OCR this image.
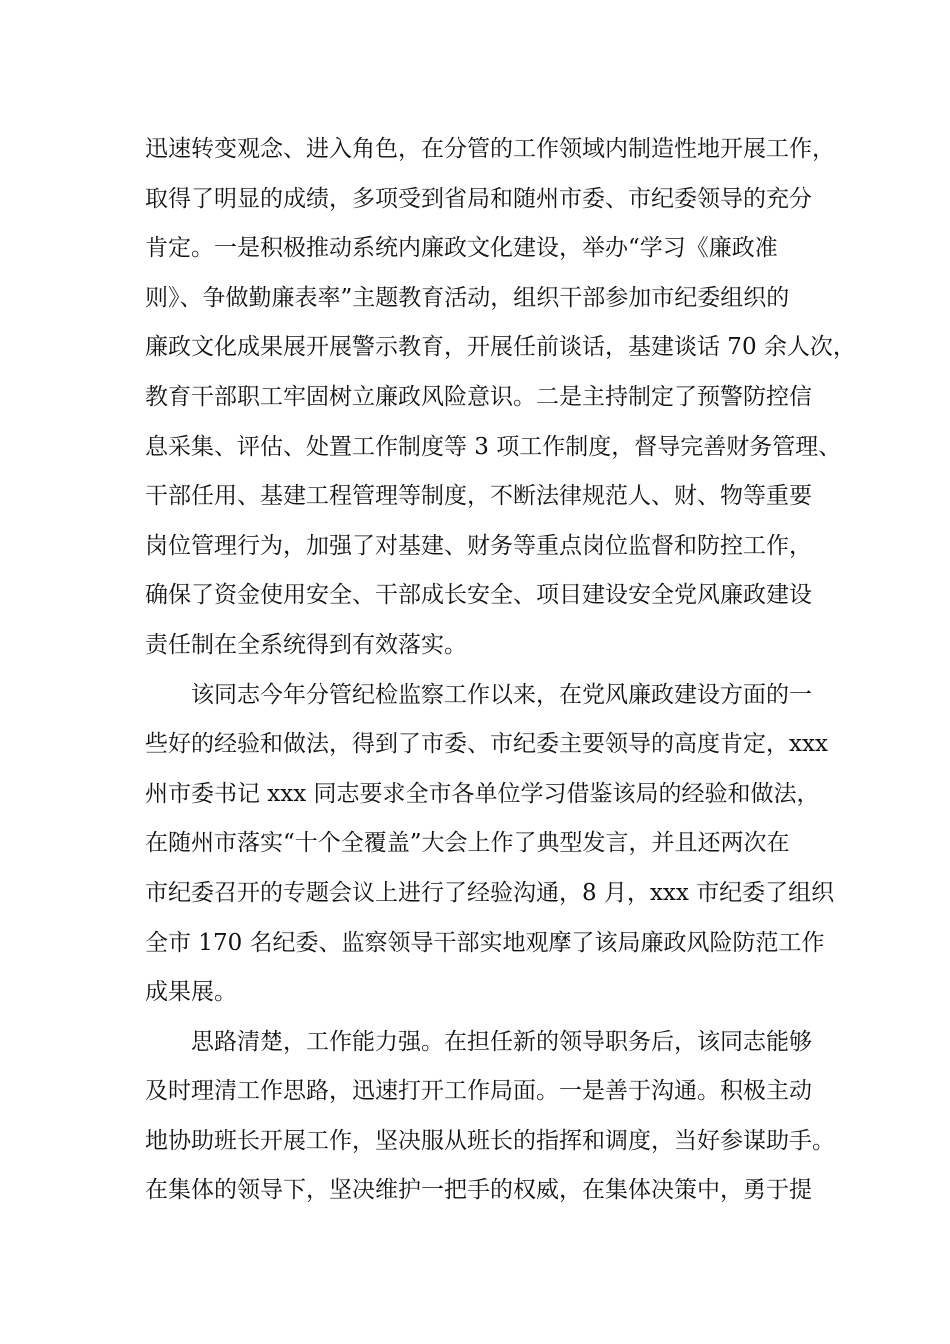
迅速转变观念、进入角色，在分管的工作领域内制造性地开展工作，
取得了明显的成绩，多项受到省局和随州市委、市纪委领导的充分
肯定。一是积极推动系统内廉政文化建设，举办“学习《廉政准
则》、争做勤廉表率”主题教育活动，组织干部参加市纪委组织的
廉政文化成果展开展警示教育，开展任前谈话，基建谈话 70 余人次，
教育干部职工牢固树立廉政风险意识。二是主持制定了预警防控信
息采集、评估、处置工作制度等 3 项工作制度，督导完善财务管理、
干部任用、基建工程管理等制度，不断法律规范人、财、物等重要
岗位管理行为，加强了对基建、财务等重点岗位监督和防控工作，
确保了资金使用安全、干部成长安全、项目建设安全党风廉政建设
责任制在全系统得到有效落实。
该同志今年分管纪检监察工作以来，在党风廉政建设方面的一
些好的经验和做法，得到了市委、市纪委主要领导的高度肯定，xxx
州市委书记 xxx 同志要求全市各单位学习借鉴该局的经验和做法，
在随州市落实“十个全覆盖”大会上作了典型发言，并且还两次在
市纪委召开的专题会议上进行了经验沟通，8 月，xxx 市纪委了组织
全市 170 名纪委、监察领导干部实地观摩了该局廉政风险防范工作
成果展。
思路清楚，工作能力强。在担任新的领导职务后，该同志能够
及时理清工作思路，迅速打开工作局面。一是善于沟通。积极主动
地协助班长开展工作，坚决服从班长的指挥和调度，当好参谋助手。
在集体的领导下，坚决维护一把手的权威，在集体决策中，勇于提
